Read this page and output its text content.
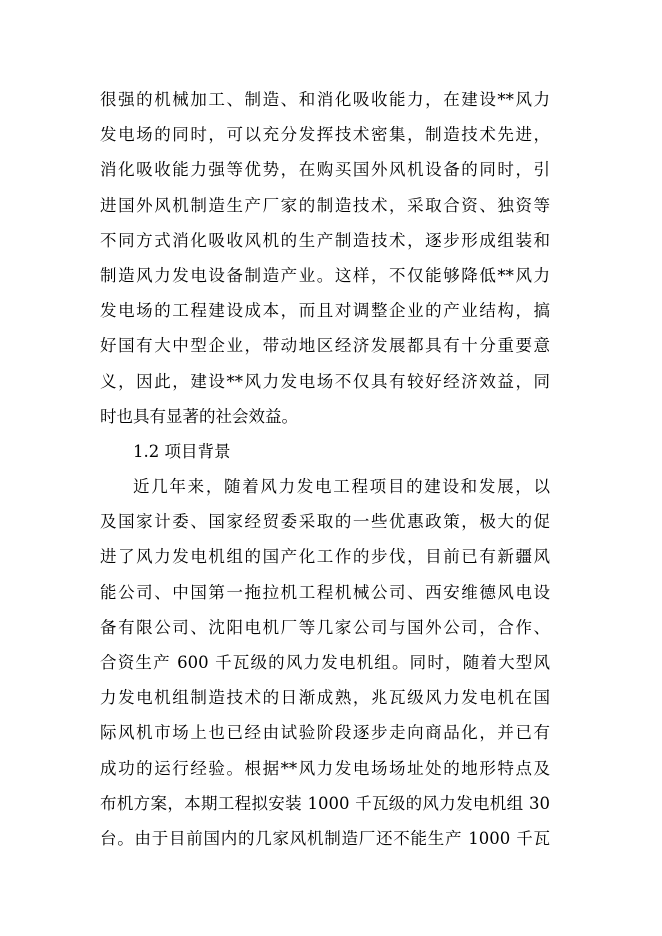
很强的机械加工、制造、和消化吸收能力，在建设**风力
发电场的同时，可以充分发挥技术密集，制造技术先进，
消化吸收能力强等优势，在购买国外风机设备的同时，引
进国外风机制造生产厂家的制造技术，采取合资、独资等
不同方式消化吸收风机的生产制造技术，逐步形成组装和
制造风力发电设备制造产业。这样，不仅能够降低**风力
发电场的工程建设成本，而且对调整企业的产业结构，搞
好国有大中型企业，带动地区经济发展都具有十分重要意
义，因此，建设**风力发电场不仅具有较好经济效益，同
时也具有显著的社会效益。
1.2 项目背景
近几年来，随着风力发电工程项目的建设和发展，以
及国家计委、国家经贸委采取的一些优惠政策，极大的促
进了风力发电机组的国产化工作的步伐，目前已有新疆风
能公司、中国第一拖拉机工程机械公司、西安维德风电设
备有限公司、沈阳电机厂等几家公司与国外公司，合作、
合资生产 600 千瓦级的风力发电机组。同时，随着大型风
力发电机组制造技术的日渐成熟，兆瓦级风力发电机在国
际风机市场上也已经由试验阶段逐步走向商品化，并已有
成功的运行经验。根据**风力发电场场址处的地形特点及
布机方案，本期工程拟安装 1000 千瓦级的风力发电机组 30
台。由于目前国内的几家风机制造厂还不能生产 1000 千瓦
